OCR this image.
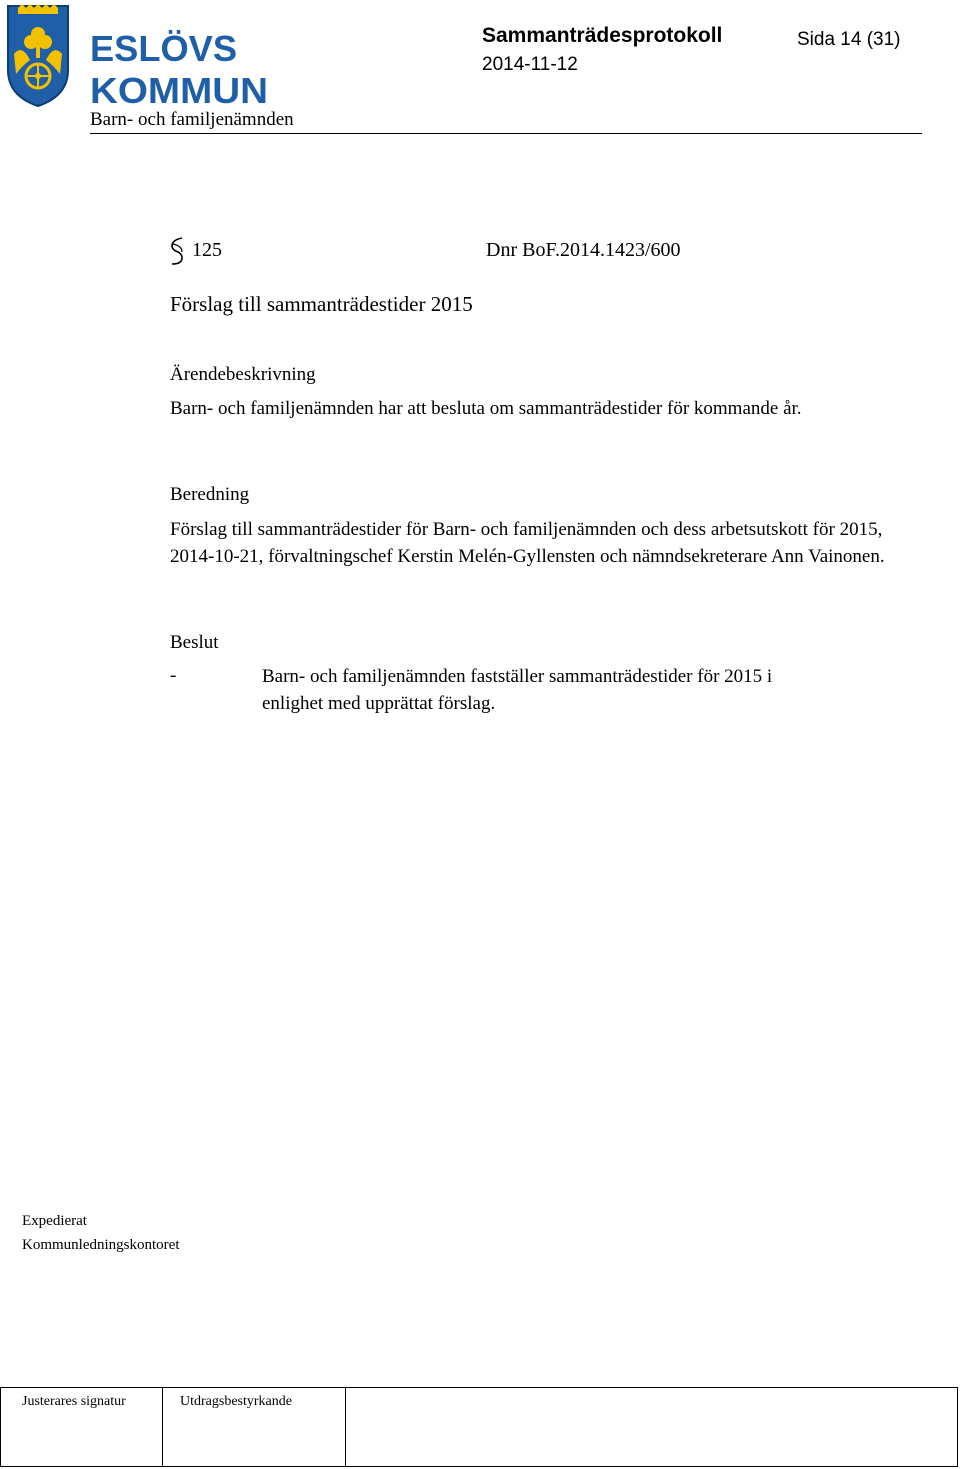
ESLÖVS
KOMMUN
Sammanträdesprotokoll	Sida 14 (31)
2014-11-12
Barn- och familjenämnden
125	Dnr BoF.2014.1423/600
Förslag till sammanträdestider 2015
Ärendebeskrivning
Barn- och familjenämnden har att besluta om sammanträdestider för kommande år.
Beredning
Förslag till sammanträdestider för Barn- och familjenämnden och dess arbetsutskott för 2015, 2014-10-21, förvaltningschef Kerstin Melén-Gyllensten och nämndsekreterare Ann Vainonen.
Beslut
-	Barn- och familjenämnden fastställer sammanträdestider för 2015 i enlighet med upprättat förslag.
Expedierat
Kommunledningskontoret
Justerares signatur	Utdragsbestyrkande
